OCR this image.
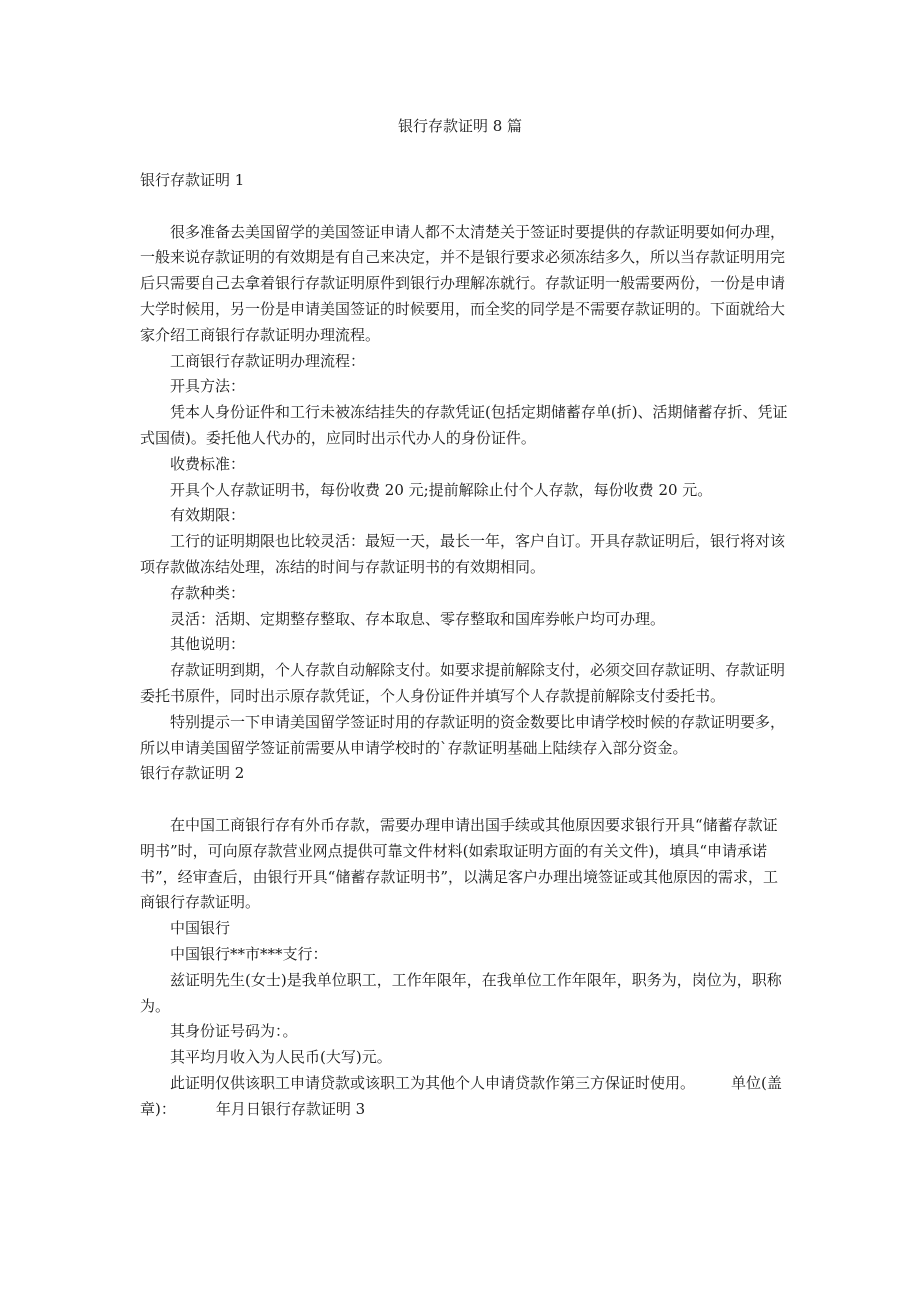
银行存款证明 8 篇
银行存款证明 1

很多准备去美国留学的美国签证申请人都不太清楚关于签证时要提供的存款证明要如何办理，一般来说存款证明的有效期是有自己来决定，并不是银行要求必须冻结多久，所以当存款证明用完后只需要自己去拿着银行存款证明原件到银行办理解冻就行。存款证明一般需要两份，一份是申请大学时候用，另一份是申请美国签证的时候要用，而全奖的同学是不需要存款证明的。下面就给大家介绍工商银行存款证明办理流程。

工商银行存款证明办理流程：

开具方法：

凭本人身份证件和工行未被冻结挂失的存款凭证(包括定期储蓄存单(折)、活期储蓄存折、凭证式国债)。委托他人代办的，应同时出示代办人的身份证件。

收费标准：

开具个人存款证明书，每份收费 20 元;提前解除止付个人存款，每份收费 20 元。

有效期限：

工行的证明期限也比较灵活：最短一天，最长一年，客户自订。开具存款证明后，银行将对该项存款做冻结处理，冻结的时间与存款证明书的有效期相同。

存款种类：

灵活：活期、定期整存整取、存本取息、零存整取和国库券帐户均可办理。

其他说明：

存款证明到期，个人存款自动解除支付。如要求提前解除支付，必须交回存款证明、存款证明委托书原件，同时出示原存款凭证，个人身份证件并填写个人存款提前解除支付委托书。

特别提示一下申请美国留学签证时用的存款证明的资金数要比申请学校时候的存款证明要多，所以申请美国留学签证前需要从申请学校时的`存款证明基础上陆续存入部分资金。

银行存款证明 2

在中国工商银行存有外币存款，需要办理申请出国手续或其他原因要求银行开具“储蓄存款证明书”时，可向原存款营业网点提供可靠文件材料(如索取证明方面的有关文件)，填具“申请承诺书”，经审查后，由银行开具“储蓄存款证明书”，以满足客户办理出境签证或其他原因的需求，工商银行存款证明。

中国银行

中国银行**市***支行：

兹证明先生(女士)是我单位职工，工作年限年，在我单位工作年限年，职务为，岗位为，职称为。

其身份证号码为：。

其平均月收入为人民币(大写)元。

此证明仅供该职工申请贷款或该职工为其他个人申请贷款作第三方保证时使用。 单位(盖章)：	年月日银行存款证明 3
